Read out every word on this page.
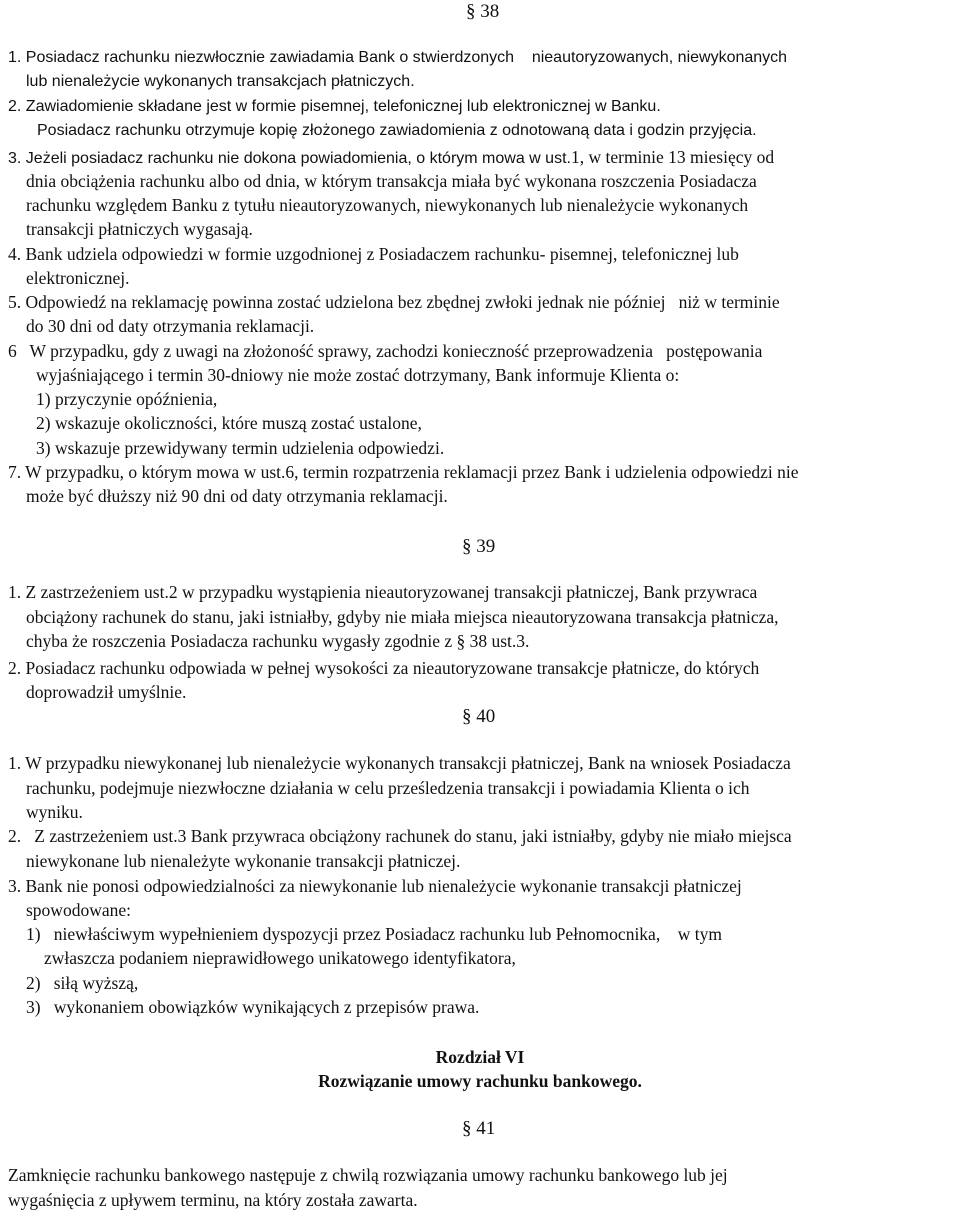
§ 38
1. Posiadacz rachunku niezwłocznie zawiadamia Bank o stwierdzonych    nieautoryzowanych, niewykonanych
lub nienależycie wykonanych transakcjach płatniczych.
2. Zawiadomienie składane jest w formie pisemnej, telefonicznej lub elektronicznej w Banku.
Posiadacz rachunku otrzymuje kopię złożonego zawiadomienia z odnotowaną data i godzin przyjęcia.
3. Jeżeli posiadacz rachunku nie dokona powiadomienia, o którym mowa w ust.1, w terminie 13 miesięcy od
dnia obciążenia rachunku albo od dnia, w którym transakcja miała być wykonana roszczenia Posiadacza
rachunku względem Banku z tytułu nieautoryzowanych, niewykonanych lub nienależycie wykonanych
transakcji płatniczych wygasają.
4. Bank udziela odpowiedzi w formie uzgodnionej z Posiadaczem rachunku- pisemnej, telefonicznej lub
elektronicznej.
5. Odpowiedź na reklamację powinna zostać udzielona bez zbędnej zwłoki jednak nie później   niż w terminie
do 30 dni od daty otrzymania reklamacji.
6   W przypadku, gdy z uwagi na złożoność sprawy, zachodzi konieczność przeprowadzenia   postępowania
wyjaśniającego i termin 30-dniowy nie może zostać dotrzymany, Bank informuje Klienta o:
1) przyczynie opóźnienia,
2) wskazuje okoliczności, które muszą zostać ustalone,
3) wskazuje przewidywany termin udzielenia odpowiedzi.
7. W przypadku, o którym mowa w ust.6, termin rozpatrzenia reklamacji przez Bank i udzielenia odpowiedzi nie
może być dłuższy niż 90 dni od daty otrzymania reklamacji.
§ 39
1. Z zastrzeżeniem ust.2 w przypadku wystąpienia nieautoryzowanej transakcji płatniczej, Bank przywraca
obciążony rachunek do stanu, jaki istniałby, gdyby nie miała miejsca nieautoryzowana transakcja płatnicza,
chyba że roszczenia Posiadacza rachunku wygasły zgodnie z § 38 ust.3.
2. Posiadacz rachunku odpowiada w pełnej wysokości za nieautoryzowane transakcje płatnicze, do których
doprowadził umyślnie.
§ 40
1. W przypadku niewykonanej lub nienależycie wykonanych transakcji płatniczej, Bank na wniosek Posiadacza
rachunku, podejmuje niezwłoczne działania w celu prześledzenia transakcji i powiadamia Klienta o ich
wyniku.
2.   Z zastrzeżeniem ust.3 Bank przywraca obciążony rachunek do stanu, jaki istniałby, gdyby nie miało miejsca
niewykonane lub nienależyte wykonanie transakcji płatniczej.
3. Bank nie ponosi odpowiedzialności za niewykonanie lub nienależycie wykonanie transakcji płatniczej
spowodowane:
1)   niewłaściwym wypełnieniem dyspozycji przez Posiadacz rachunku lub Pełnomocnika,    w tym
zwłaszcza podaniem nieprawidłowego unikatowego identyfikatora,
2)   siłą wyższą,
3)   wykonaniem obowiązków wynikających z przepisów prawa.
Rozdział VI
Rozwiązanie umowy rachunku bankowego.
§ 41
Zamknięcie rachunku bankowego następuje z chwilą rozwiązania umowy rachunku bankowego lub jej
wygaśnięcia z upływem terminu, na który została zawarta.
